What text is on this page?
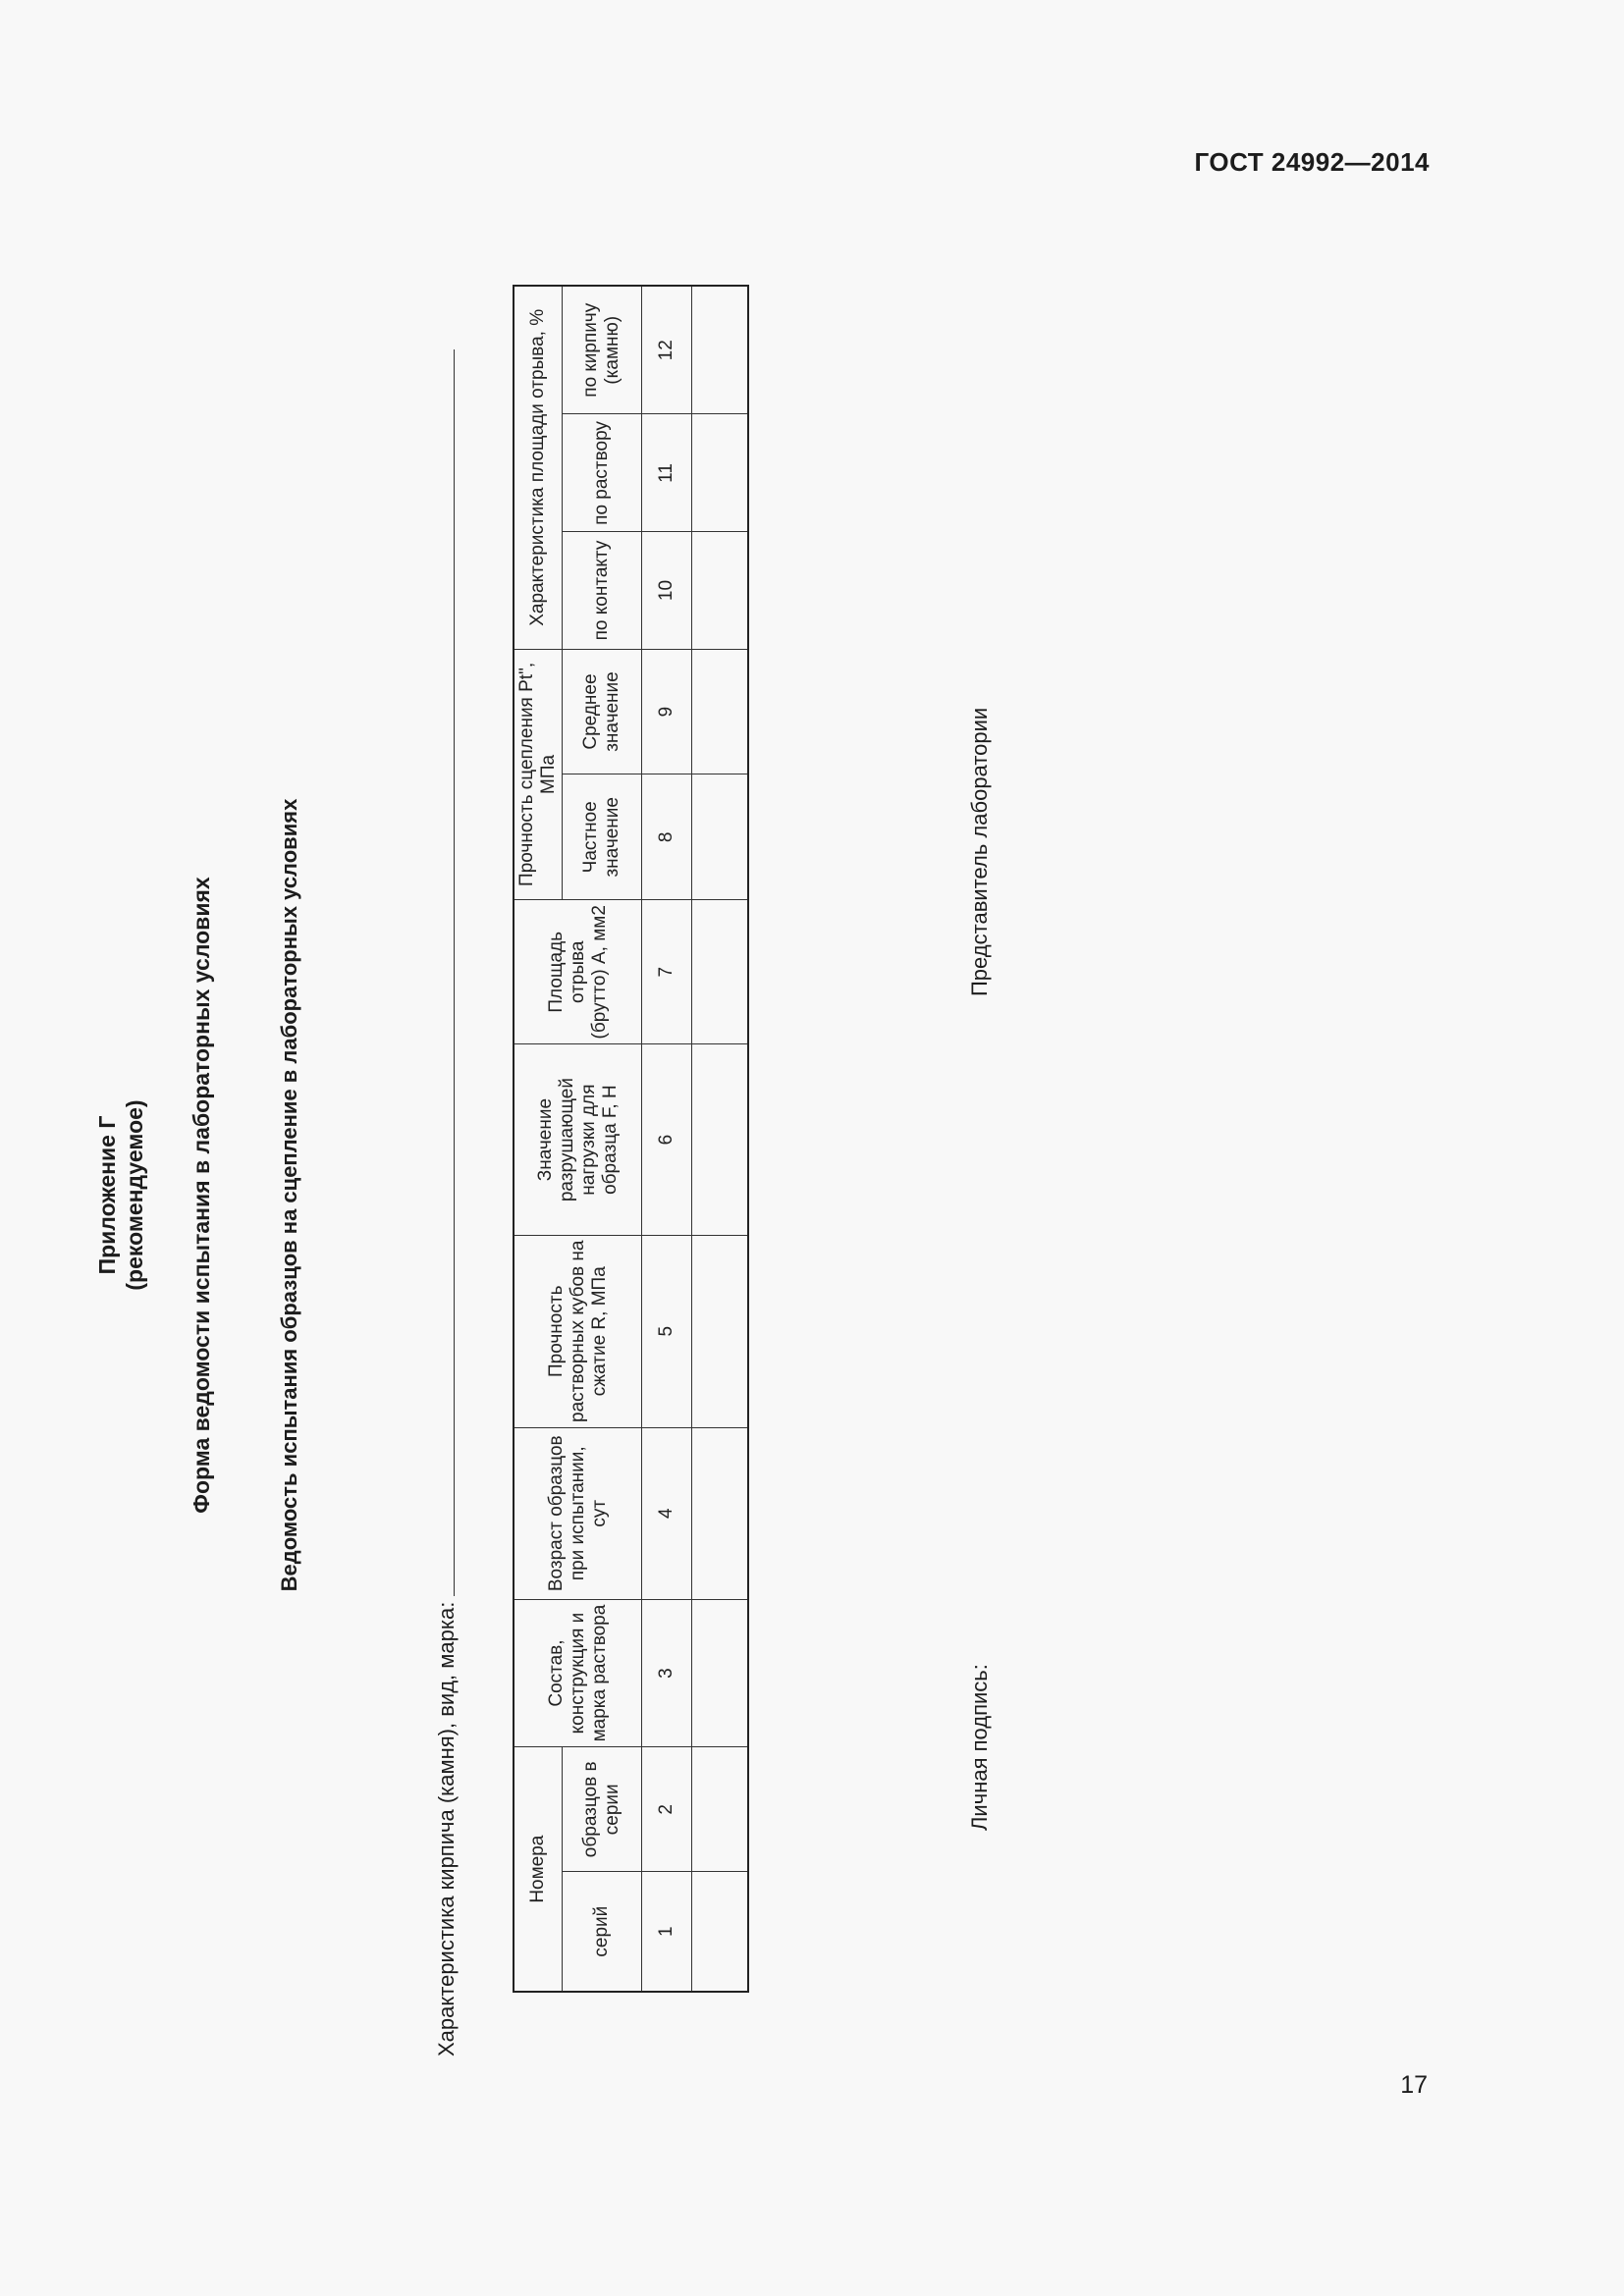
ГОСТ 24992—2014
17
Приложение Г (рекомендуемое) Форма ведомости испытания в лабораторных условиях	Ведомость испытания образцов на сцепление в лабораторных условиях
Характеристика кирпича (камня), вид, марка:	Номера		Состав, конструкция и марка раствора	Возраст образцов при испытании, сут	Прочность растворных кубов на сжатие R, МПа	Значение разрушающей нагрузки для образца F, Н	Площадь отрыва (брутто) A, мм2	Прочность сцепления Pt", МПа		Характеристика площади отрыва, %		
серий	образцов в серии						Частное значение	Среднее значение	по контакту	по раствору	по кирпичу (камню)
1	2	3	4	5	6	7	8	9	10	11	12

Личная подпись:
Представитель лаборатории
